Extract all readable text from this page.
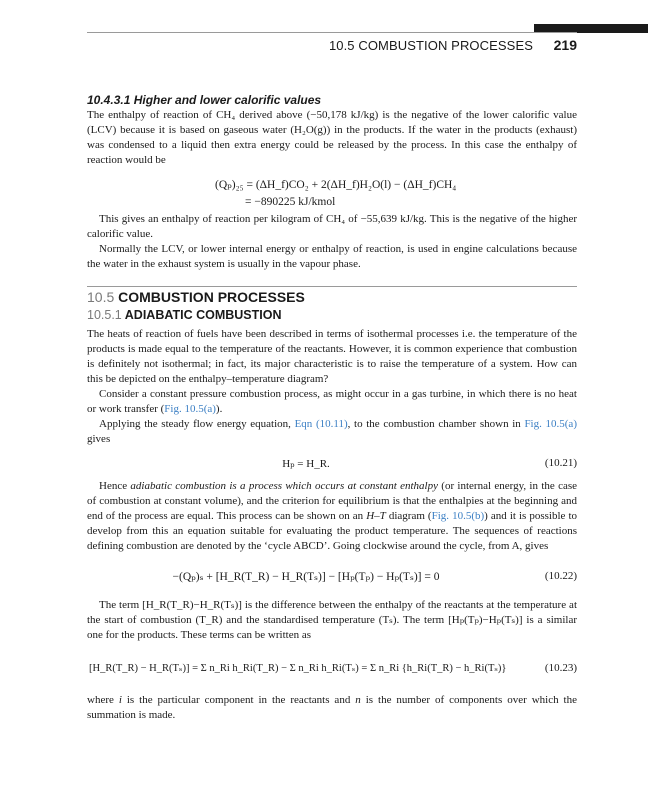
10.5 COMBUSTION PROCESSES 219
10.4.3.1 Higher and lower calorific values

The enthalpy of reaction of CH₄ derived above (−50,178 kJ/kg) is the negative of the lower calorific value (LCV) because it is based on gaseous water (H₂O(g)) in the products. If the water in the products (exhaust) was condensed to a liquid then extra energy could be released by the process. In this case the enthalpy of reaction would be

(Qₚ)₂₅ = (ΔH_f)CO₂ + 2(ΔH_f)H₂O(l) − (ΔH_f)CH₄
= −890225 kJ/kmol

This gives an enthalpy of reaction per kilogram of CH₄ of −55,639 kJ/kg. This is the negative of the higher calorific value.

Normally the LCV, or lower internal energy or enthalpy of reaction, is used in engine calculations because the water in the exhaust system is usually in the vapour phase.

10.5 COMBUSTION PROCESSES
10.5.1 ADIABATIC COMBUSTION

The heats of reaction of fuels have been described in terms of isothermal processes i.e. the temperature of the products is made equal to the temperature of the reactants. However, it is common experience that combustion is definitely not isothermal; in fact, its major characteristic is to raise the temperature of a system. How can this be depicted on the enthalpy–temperature diagram?

Consider a constant pressure combustion process, as might occur in a gas turbine, in which there is no heat or work transfer (Fig. 10.5(a)).

Applying the steady flow energy equation, Eqn (10.11), to the combustion chamber shown in Fig. 10.5(a) gives

Hₚ = H_R.	(10.21)

Hence adiabatic combustion is a process which occurs at constant enthalpy (or internal energy, in the case of combustion at constant volume), and the criterion for equilibrium is that the enthalpies at the beginning and end of the process are equal. This process can be shown on an H–T diagram (Fig. 10.5(b)) and it is possible to develop from this an equation suitable for evaluating the product temperature. The sequences of reactions defining combustion are denoted by the ‘cycle ABCD’. Going clockwise around the cycle, from A, gives

−(Qₚ)ₛ + [H_R(T_R) − H_R(Tₛ)] − [Hₚ(Tₚ) − Hₚ(Tₛ)] = 0	(10.22)

The term [H_R(T_R)−H_R(Tₛ)] is the difference between the enthalpy of the reactants at the temperature at the start of combustion (T_R) and the standardised temperature (Tₛ). The term [Hₚ(Tₚ)−Hₚ(Tₛ)] is a similar one for the products. These terms can be written as

[H_R(T_R) − H_R(Tₛ)] = Σ n_Ri h_Ri(T_R) − Σ n_Ri h_Ri(Tₛ) = Σ n_Ri {h_Ri(T_R) − h_Ri(Tₛ)}	(10.23)

where i is the particular component in the reactants and n is the number of components over which the summation is made.
